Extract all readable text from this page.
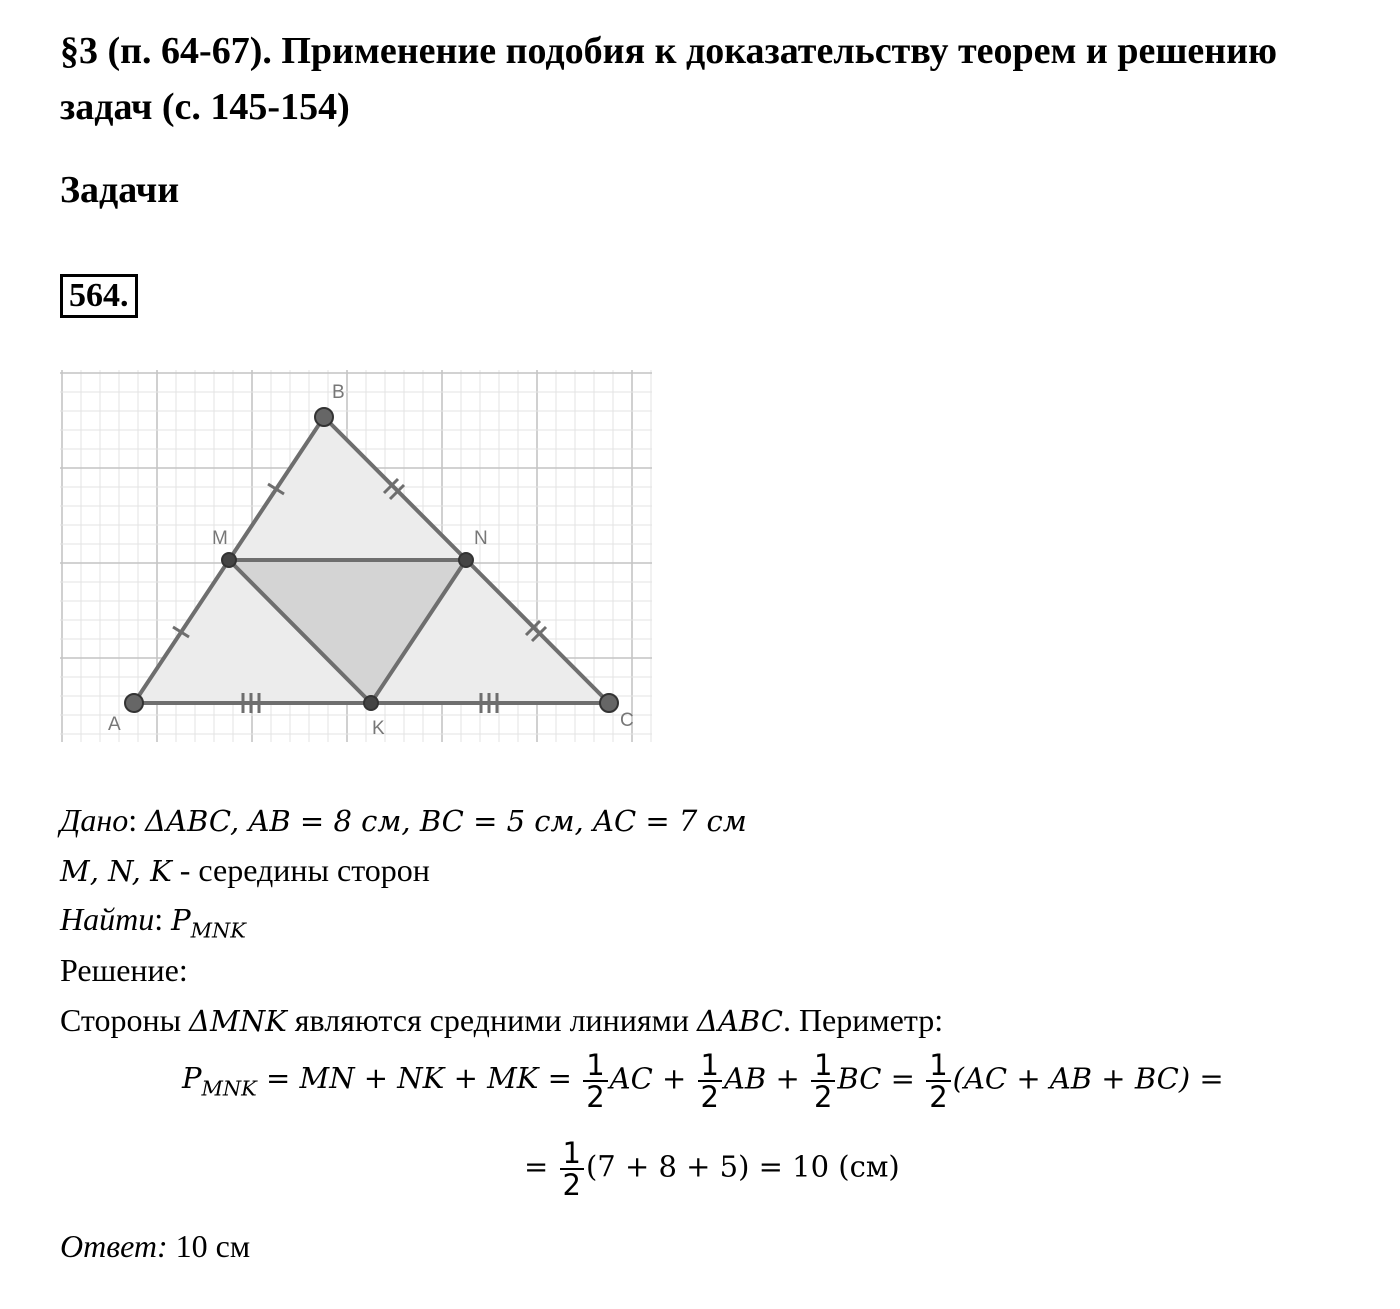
§3 (п. 64-67). Применение подобия к доказательству теорем и решению
задач (с. 145-154)
Задачи
564.
A
B
C
M	N
K
Дано: ΔABC, AB = 8 см, BC = 5 см, AC = 7 см
M, N, K - середины сторон
Найти: $P_{MNK}$
Решение:
Стороны ΔMNK являются средними линиями ΔABC. Периметр:
$P_{MNK}$ = MN + NK + MK = $\frac{1}{2}$ AC + $\frac{1}{2}$ AB + $\frac{1}{2}$ BC = $\frac{1}{2} (AC$ + AB + BC) =
= $\frac{1}{2} (7 + 8 + 5) = 10$ (см)
Ответ: 10 см
